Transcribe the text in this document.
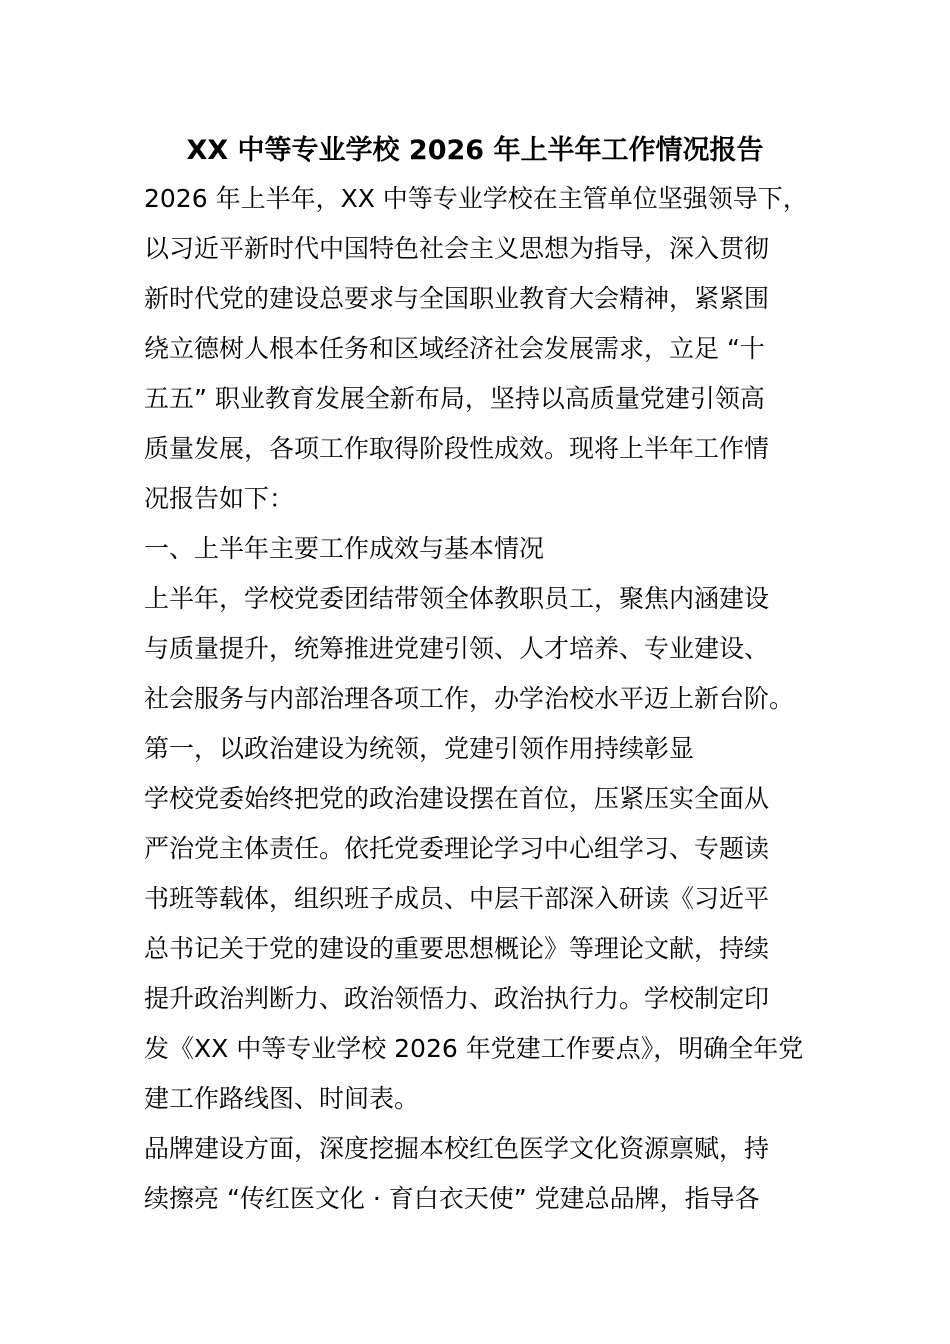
XX 中等专业学校 2026 年上半年工作情况报告

2026 年上半年，XX 中等专业学校在主管单位坚强领导下，

以习近平新时代中国特色社会主义思想为指导，深入贯彻

新时代党的建设总要求与全国职业教育大会精神，紧紧围

绕立德树人根本任务和区域经济社会发展需求，立足 “十

五五” 职业教育发展全新布局，坚持以高质量党建引领高

质量发展，各项工作取得阶段性成效。现将上半年工作情

况报告如下：

一、上半年主要工作成效与基本情况

上半年，学校党委团结带领全体教职员工，聚焦内涵建设

与质量提升，统筹推进党建引领、人才培养、专业建设、

社会服务与内部治理各项工作，办学治校水平迈上新台阶。

第一，以政治建设为统领，党建引领作用持续彰显

学校党委始终把党的政治建设摆在首位，压紧压实全面从

严治党主体责任。依托党委理论学习中心组学习、专题读

书班等载体，组织班子成员、中层干部深入研读《习近平

总书记关于党的建设的重要思想概论》等理论文献，持续

提升政治判断力、政治领悟力、政治执行力。学校制定印

发《XX 中等专业学校 2026 年党建工作要点》，明确全年党

建工作路线图、时间表。

品牌建设方面，深度挖掘本校红色医学文化资源禀赋，持

续擦亮 “传红医文化 · 育白衣天使” 党建总品牌，指导各
